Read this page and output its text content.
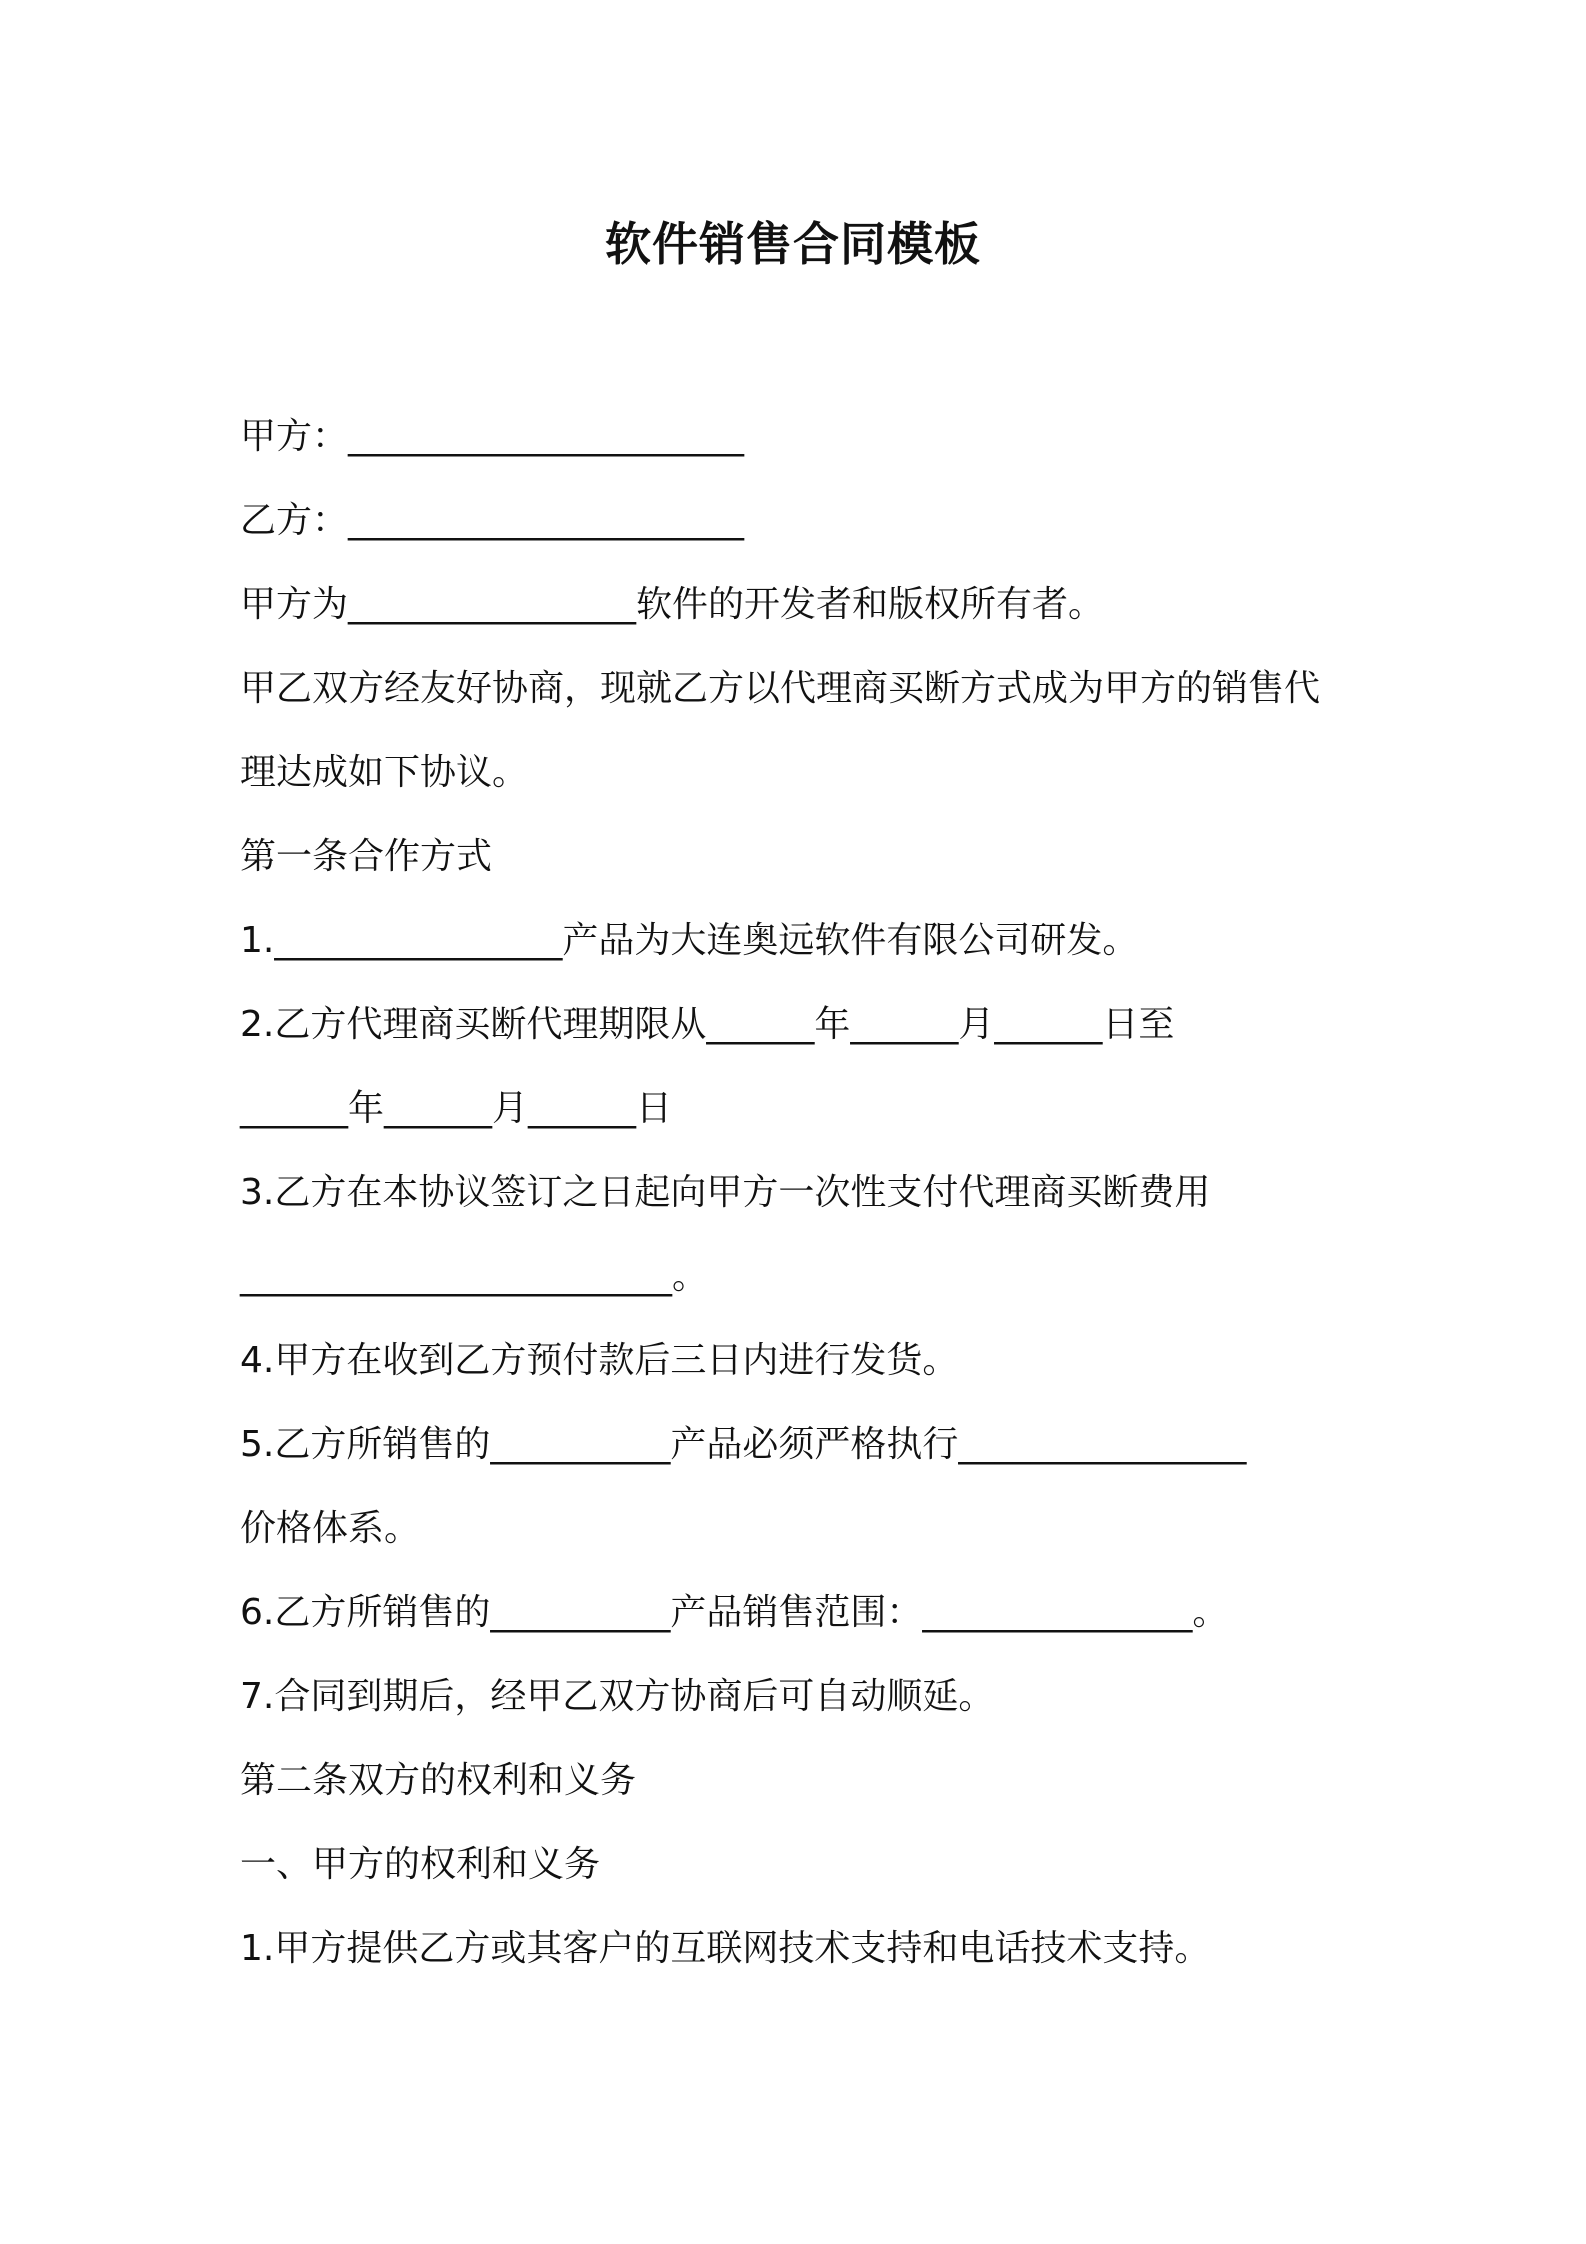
软件销售合同模板
甲方：______________________
乙方：______________________
甲方为________________软件的开发者和版权所有者。
甲乙双方经友好协商，现就乙方以代理商买断方式成为甲方的销售代
理达成如下协议。
第一条合作方式
1.________________产品为大连奥远软件有限公司研发。
2.乙方代理商买断代理期限从______年______月______日至
______年______月______日
3.乙方在本协议签订之日起向甲方一次性支付代理商买断费用
________________________。
4.甲方在收到乙方预付款后三日内进行发货。
5.乙方所销售的__________产品必须严格执行________________
价格体系。
6.乙方所销售的__________产品销售范围：_______________。
7.合同到期后，经甲乙双方协商后可自动顺延。
第二条双方的权利和义务
一、甲方的权利和义务
1.甲方提供乙方或其客户的互联网技术支持和电话技术支持。
